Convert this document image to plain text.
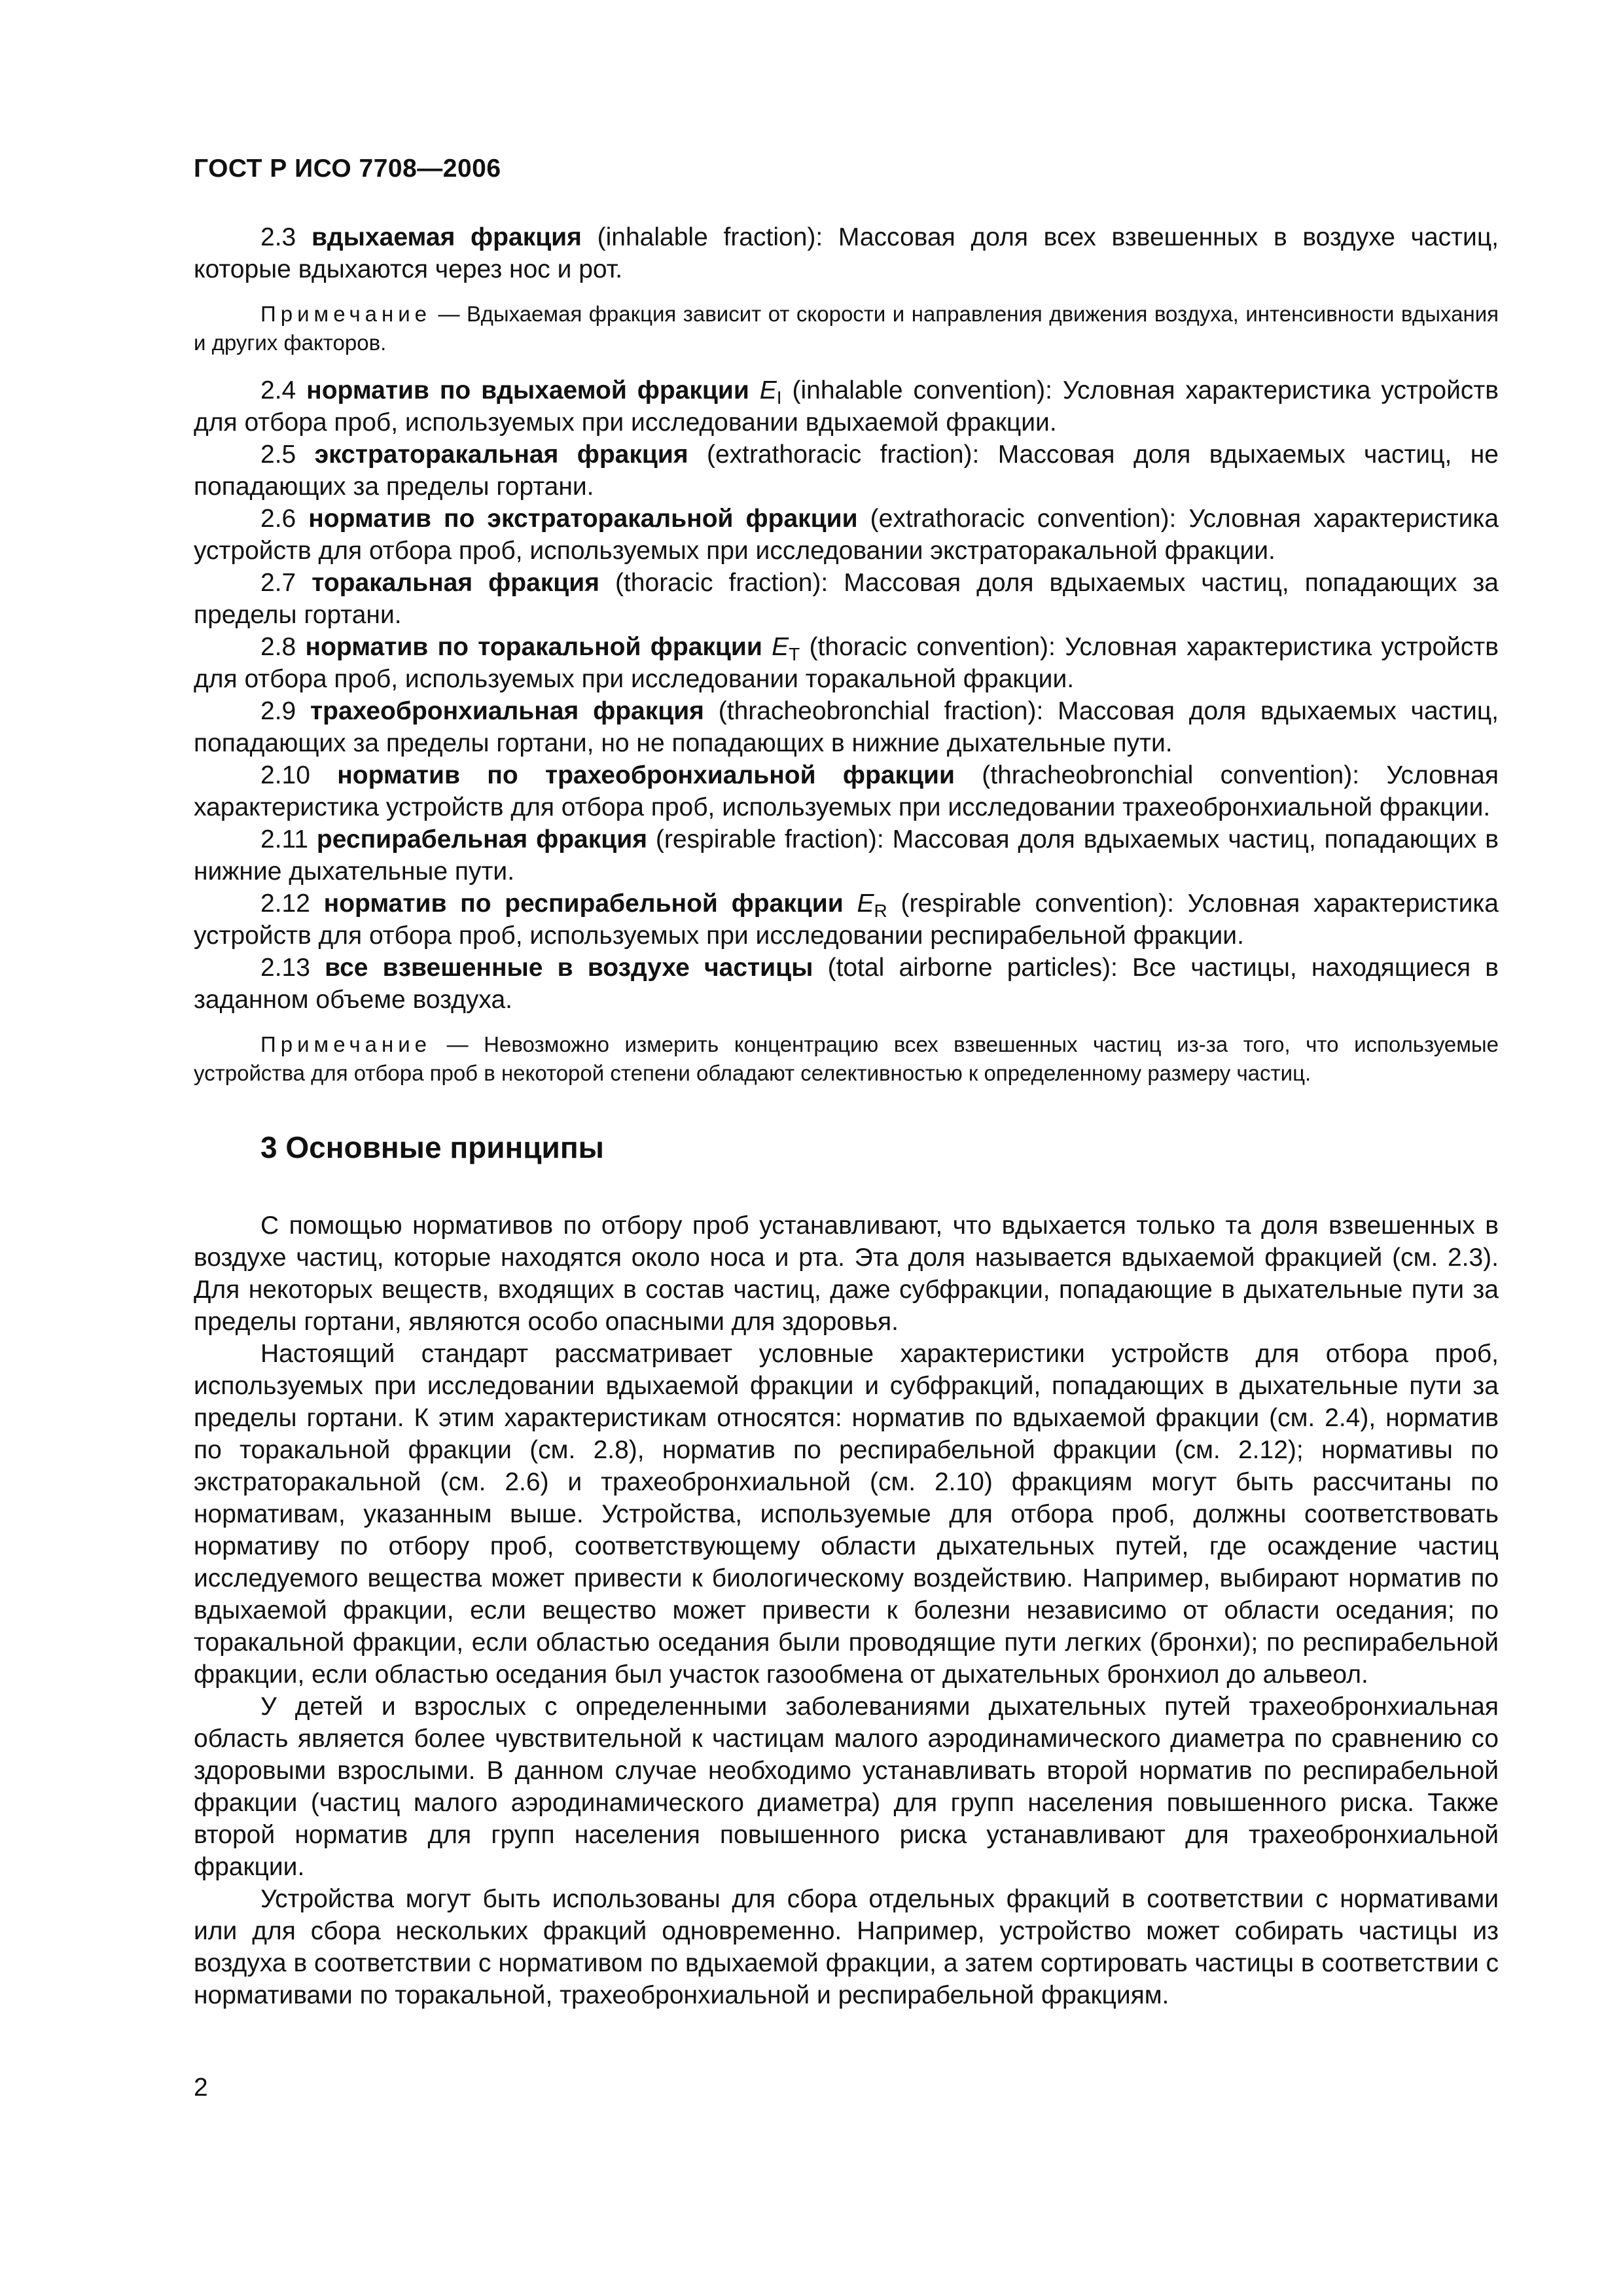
ГОСТ Р ИСО 7708—2006

2.3 вдыхаемая фракция (inhalable fraction): Массовая доля всех взвешенных в воздухе частиц, которые вдыхаются через нос и рот.

Примечание — Вдыхаемая фракция зависит от скорости и направления движения воздуха, интенсивности вдыхания и других факторов.

2.4 норматив по вдыхаемой фракции $E_I$ (inhalable convention): Условная характеристика устройств для отбора проб, используемых при исследовании вдыхаемой фракции.

2.5 экстраторакальная фракция (extrathoracic fraction): Массовая доля вдыхаемых частиц, не попадающих за пределы гортани.

2.6 норматив по экстраторакальной фракции (extrathoracic convention): Условная характеристика устройств для отбора проб, используемых при исследовании экстраторакальной фракции.

2.7 торакальная фракция (thoracic fraction): Массовая доля вдыхаемых частиц, попадающих за пределы гортани.

2.8 норматив по торакальной фракции $E_T$ (thoracic convention): Условная характеристика устройств для отбора проб, используемых при исследовании торакальной фракции.

2.9 трахеобронхиальная фракция (thracheobronchial fraction): Массовая доля вдыхаемых частиц, попадающих за пределы гортани, но не попадающих в нижние дыхательные пути.

2.10 норматив по трахеобронхиальной фракции (thracheobronchial convention): Условная характеристика устройств для отбора проб, используемых при исследовании трахеобронхиальной фракции.

2.11 респирабельная фракция (respirable fraction): Массовая доля вдыхаемых частиц, попадающих в нижние дыхательные пути.

2.12 норматив по респирабельной фракции $E_R$ (respirable convention): Условная характеристика устройств для отбора проб, используемых при исследовании респирабельной фракции.

2.13 все взвешенные в воздухе частицы (total airborne particles): Все частицы, находящиеся в заданном объеме воздуха.

Примечание — Невозможно измерить концентрацию всех взвешенных частиц из-за того, что используемые устройства для отбора проб в некоторой степени обладают селективностью к определенному размеру частиц.

3 Основные принципы

С помощью нормативов по отбору проб устанавливают, что вдыхается только та доля взвешенных в воздухе частиц, которые находятся около носа и рта. Эта доля называется вдыхаемой фракцией (см. 2.3). Для некоторых веществ, входящих в состав частиц, даже субфракции, попадающие в дыхательные пути за пределы гортани, являются особо опасными для здоровья.

Настоящий стандарт рассматривает условные характеристики устройств для отбора проб, используемых при исследовании вдыхаемой фракции и субфракций, попадающих в дыхательные пути за пределы гортани. К этим характеристикам относятся: норматив по вдыхаемой фракции (см. 2.4), норматив по торакальной фракции (см. 2.8), норматив по респирабельной фракции (см. 2.12); нормативы по экстраторакальной (см. 2.6) и трахеобронхиальной (см. 2.10) фракциям могут быть рассчитаны по нормативам, указанным выше. Устройства, используемые для отбора проб, должны соответствовать нормативу по отбору проб, соответствующему области дыхательных путей, где осаждение частиц исследуемого вещества может привести к биологическому воздействию. Например, выбирают норматив по вдыхаемой фракции, если вещество может привести к болезни независимо от области оседания; по торакальной фракции, если областью оседания были проводящие пути легких (бронхи); по респирабельной фракции, если областью оседания был участок газообмена от дыхательных бронхиол до альвеол.

У детей и взрослых с определенными заболеваниями дыхательных путей трахеобронхиальная область является более чувствительной к частицам малого аэродинамического диаметра по сравнению со здоровыми взрослыми. В данном случае необходимо устанавливать второй норматив по респирабельной фракции (частиц малого аэродинамического диаметра) для групп населения повышенного риска. Также второй норматив для групп населения повышенного риска устанавливают для трахеобронхиальной фракции.

Устройства могут быть использованы для сбора отдельных фракций в соответствии с нормативами или для сбора нескольких фракций одновременно. Например, устройство может собирать частицы из воздуха в соответствии с нормативом по вдыхаемой фракции, а затем сортировать частицы в соответствии с нормативами по торакальной, трахеобронхиальной и респирабельной фракциям.

2
